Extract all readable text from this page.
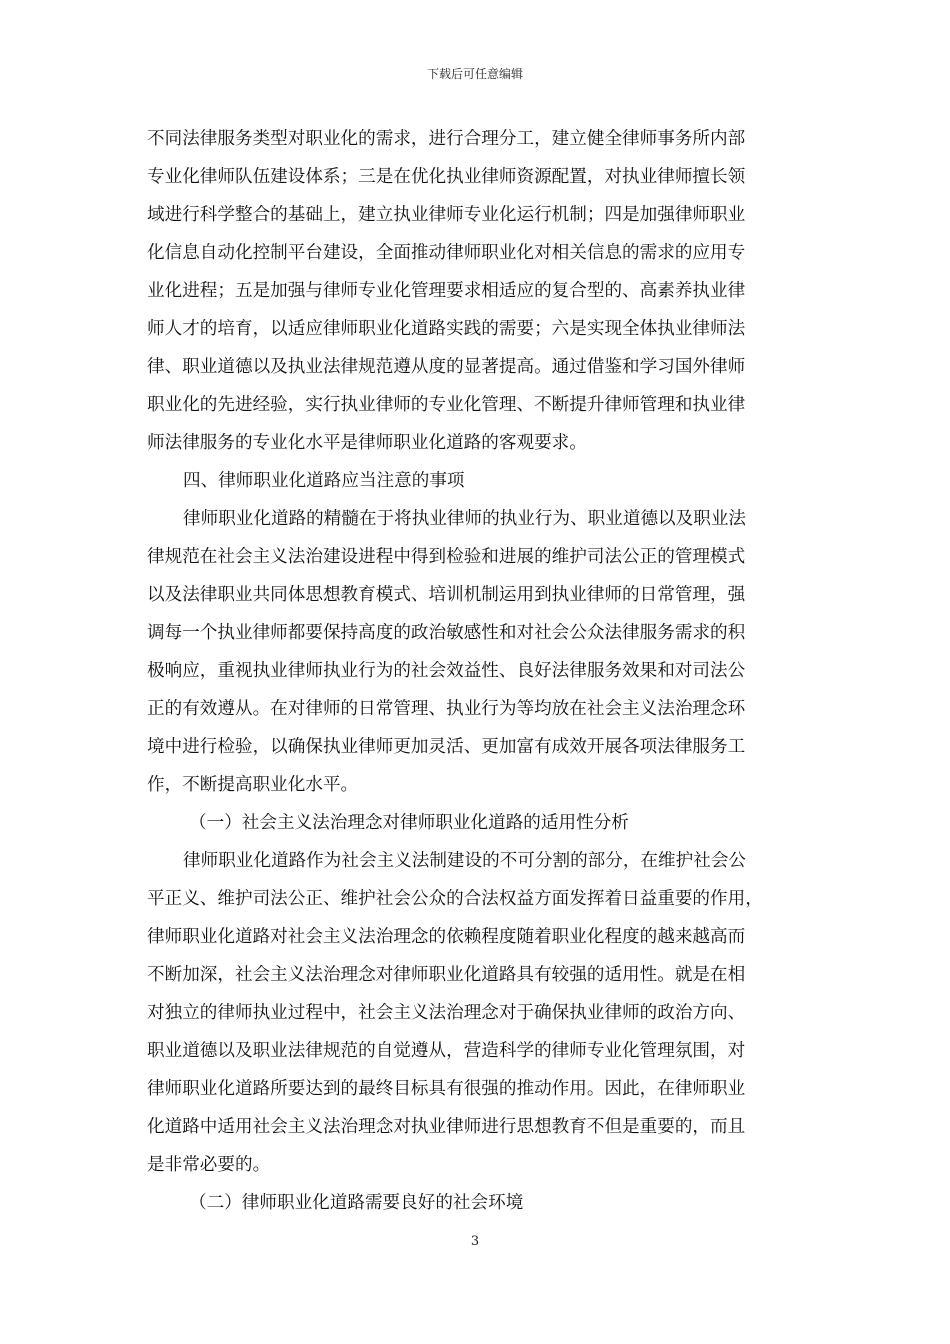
下载后可任意编辑
不同法律服务类型对职业化的需求，进行合理分工，建立健全律师事务所内部
专业化律师队伍建设体系；三是在优化执业律师资源配置，对执业律师擅长领
域进行科学整合的基础上，建立执业律师专业化运行机制；四是加强律师职业
化信息自动化控制平台建设，全面推动律师职业化对相关信息的需求的应用专
业化进程；五是加强与律师专业化管理要求相适应的复合型的、高素养执业律
师人才的培育，以适应律师职业化道路实践的需要；六是实现全体执业律师法
律、职业道德以及执业法律规范遵从度的显著提高。通过借鉴和学习国外律师
职业化的先进经验，实行执业律师的专业化管理、不断提升律师管理和执业律
师法律服务的专业化水平是律师职业化道路的客观要求。
四、律师职业化道路应当注意的事项
律师职业化道路的精髓在于将执业律师的执业行为、职业道德以及职业法
律规范在社会主义法治建设进程中得到检验和进展的维护司法公正的管理模式
以及法律职业共同体思想教育模式、培训机制运用到执业律师的日常管理，强
调每一个执业律师都要保持高度的政治敏感性和对社会公众法律服务需求的积
极响应，重视执业律师执业行为的社会效益性、良好法律服务效果和对司法公
正的有效遵从。在对律师的日常管理、执业行为等均放在社会主义法治理念环
境中进行检验，以确保执业律师更加灵活、更加富有成效开展各项法律服务工
作，不断提高职业化水平。
（一）社会主义法治理念对律师职业化道路的适用性分析
律师职业化道路作为社会主义法制建设的不可分割的部分，在维护社会公
平正义、维护司法公正、维护社会公众的合法权益方面发挥着日益重要的作用，
律师职业化道路对社会主义法治理念的依赖程度随着职业化程度的越来越高而
不断加深，社会主义法治理念对律师职业化道路具有较强的适用性。就是在相
对独立的律师执业过程中，社会主义法治理念对于确保执业律师的政治方向、
职业道德以及职业法律规范的自觉遵从，营造科学的律师专业化管理氛围，对
律师职业化道路所要达到的最终目标具有很强的推动作用。因此，在律师职业
化道路中适用社会主义法治理念对执业律师进行思想教育不但是重要的，而且
是非常必要的。
（二）律师职业化道路需要良好的社会环境
3
